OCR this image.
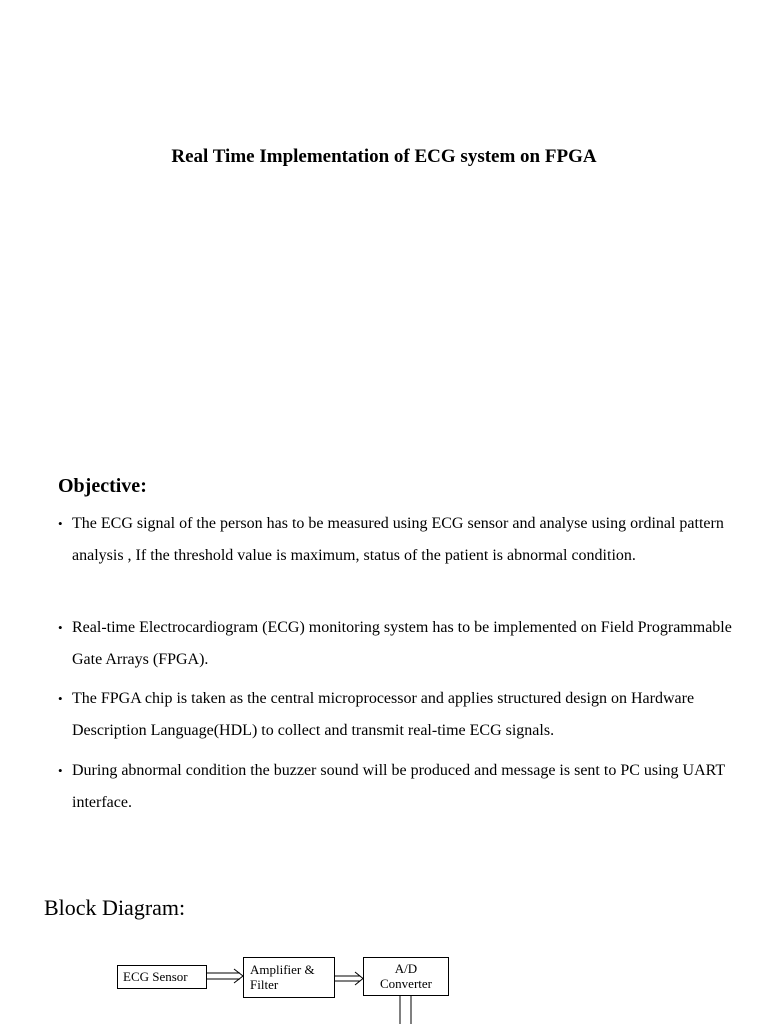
Real Time Implementation of ECG system on FPGA
Objective:
• The ECG signal of the person has to be measured using ECG sensor and analyse using ordinal pattern analysis , If the threshold value is maximum, status of the patient is abnormal condition.
• Real-time Electrocardiogram (ECG) monitoring system has to be implemented on Field Programmable Gate Arrays (FPGA).
• The FPGA chip is taken as the central microprocessor and applies structured design on Hardware Description Language(HDL) to collect and transmit real-time ECG signals.
• During abnormal condition the buzzer sound will be produced and message is sent to PC using UART interface.
Block Diagram:
ECG Sensor	Amplifier &
Filter
A/D
Converter
